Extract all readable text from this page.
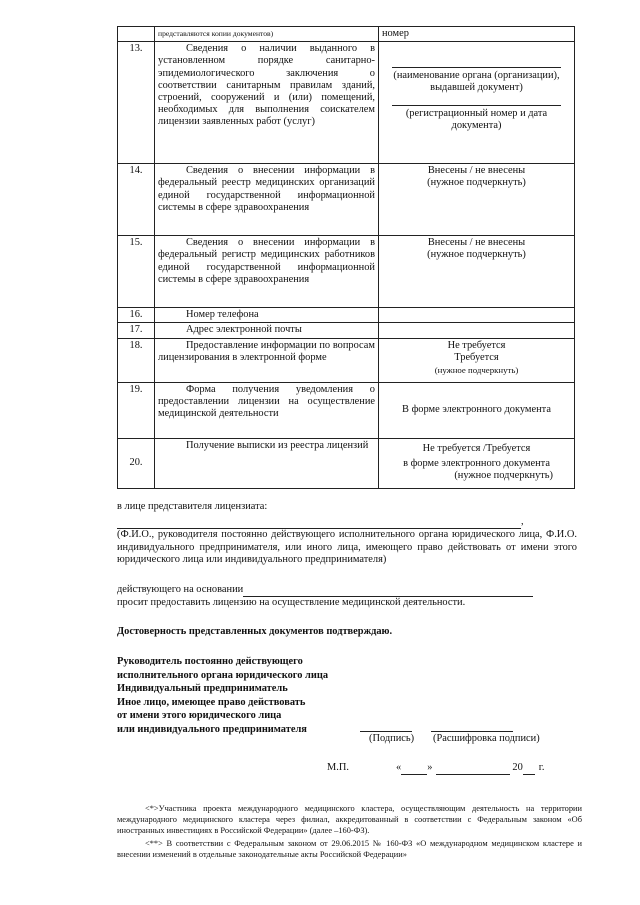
	представляются копии документов)	номер
13.	Сведения о наличии выданного в установленном порядке санитарно-эпидемиологического заключения о соответствии санитарным правилам зданий, строений, сооружений и (или) помещений, необходимых для выполнения соискателем лицензии заявленных работ (услуг)	(наименование органа (организации), выдавшей документ)
(регистрационный номер и дата документа)

14.	Сведения о внесении информации в федеральный реестр медицинских организаций единой государственной информационной системы в сфере здравоохранения	Внесены / не внесены
(нужное подчеркнуть)

15.	Сведения о внесении информации в федеральный регистр медицинских работников единой государственной информационной системы в сфере здравоохранения	Внесены / не внесены
(нужное подчеркнуть)

16.	Номер телефона	

17.	Адрес электронной почты	

18.	Предоставление информации по вопросам лицензирования в электронной форме	Не требуется
Требуется
(нужное подчеркнуть)

19.	Форма получения уведомления о предоставлении лицензии на осуществление медицинской деятельности	В форме электронного документа

20.	Получение выписки из реестра лицензий	Не требуется /Требуется
в форме электронного документа
(нужное подчеркнуть)
в лице представителя лицензиата:
,
(Ф.И.О., руководителя постоянно действующего исполнительного органа юридического лица, Ф.И.О. индивидуального предпринимателя, или иного лица, имеющего право действовать от имени этого юридического лица или индивидуального предпринимателя)
действующего на основании
просит предоставить лицензию на осуществление медицинской деятельности.
Достоверность представленных документов подтверждаю.
Руководитель постоянно действующего
исполнительного органа юридического лица
Индивидуальный предприниматель
Иное лицо, имеющее право действовать
от имени этого юридического лица
или индивидуального предпринимателя
(Подпись) (Расшифровка подписи)
М.П.	«	»	20 г.
<*>Участника проекта международного медицинского кластера, осуществляющим деятельность на территории международного медицинского кластера через филиал, аккредитованный в соответствии с Федеральным законом «Об иностранных инвестициях в Российской Федерации» (далее –160-ФЗ).
<**> В соответствии с Федеральным законом от 29.06.2015 № 160-ФЗ «О международном медицинском кластере и внесении изменений в отдельные законодательные акты Российской Федерации»
